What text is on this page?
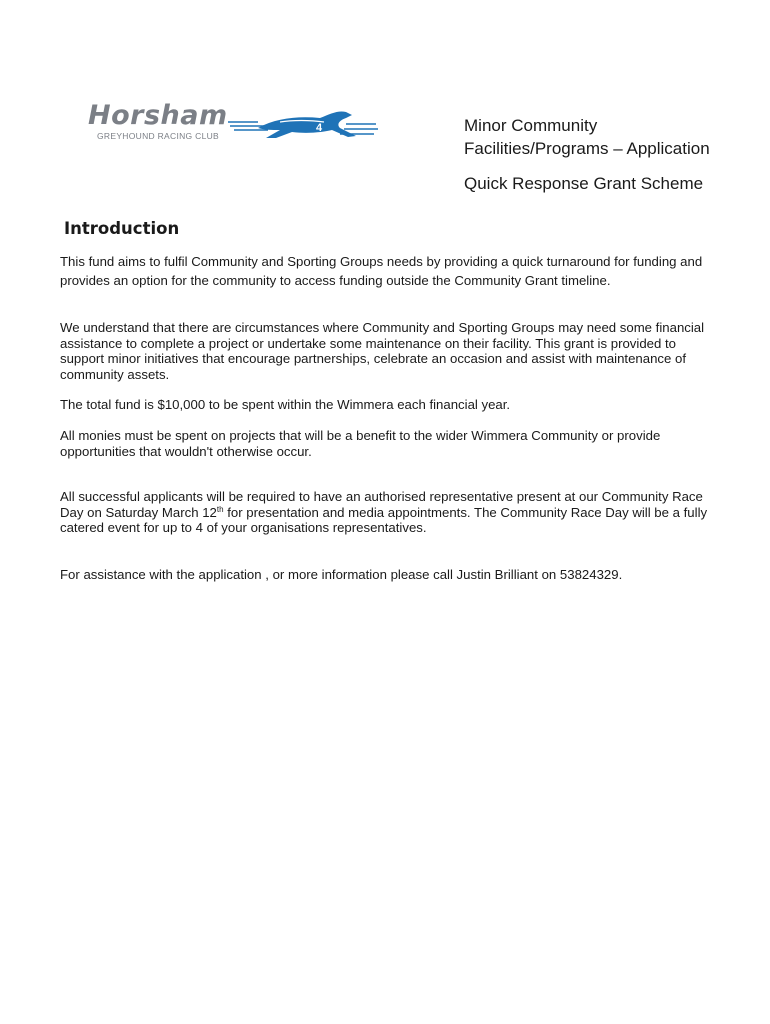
Horsham
GREYHOUND RACING CLUB
4	Minor Community
Facilities/Programs – Application
Quick Response Grant Scheme
Introduction
This fund aims to fulfil Community and Sporting Groups needs by providing a quick turnaround for funding and provides an option for the community to access funding outside the Community Grant timeline.
We understand that there are circumstances where Community and Sporting Groups may need some financial assistance to complete a project or undertake some maintenance on their facility. This grant is provided to support minor initiatives that encourage partnerships, celebrate an occasion and assist with maintenance of community assets.
The total fund is $10,000 to be spent within the Wimmera each financial year.
All monies must be spent on projects that will be a benefit to the wider Wimmera Community or provide opportunities that wouldn't otherwise occur.
All successful applicants will be required to have an authorised representative present at our Community Race Day on Saturday March 12th for presentation and media appointments. The Community Race Day will be a fully catered event for up to 4 of your organisations representatives.
For assistance with the application , or more information please call Justin Brilliant on 53824329.
